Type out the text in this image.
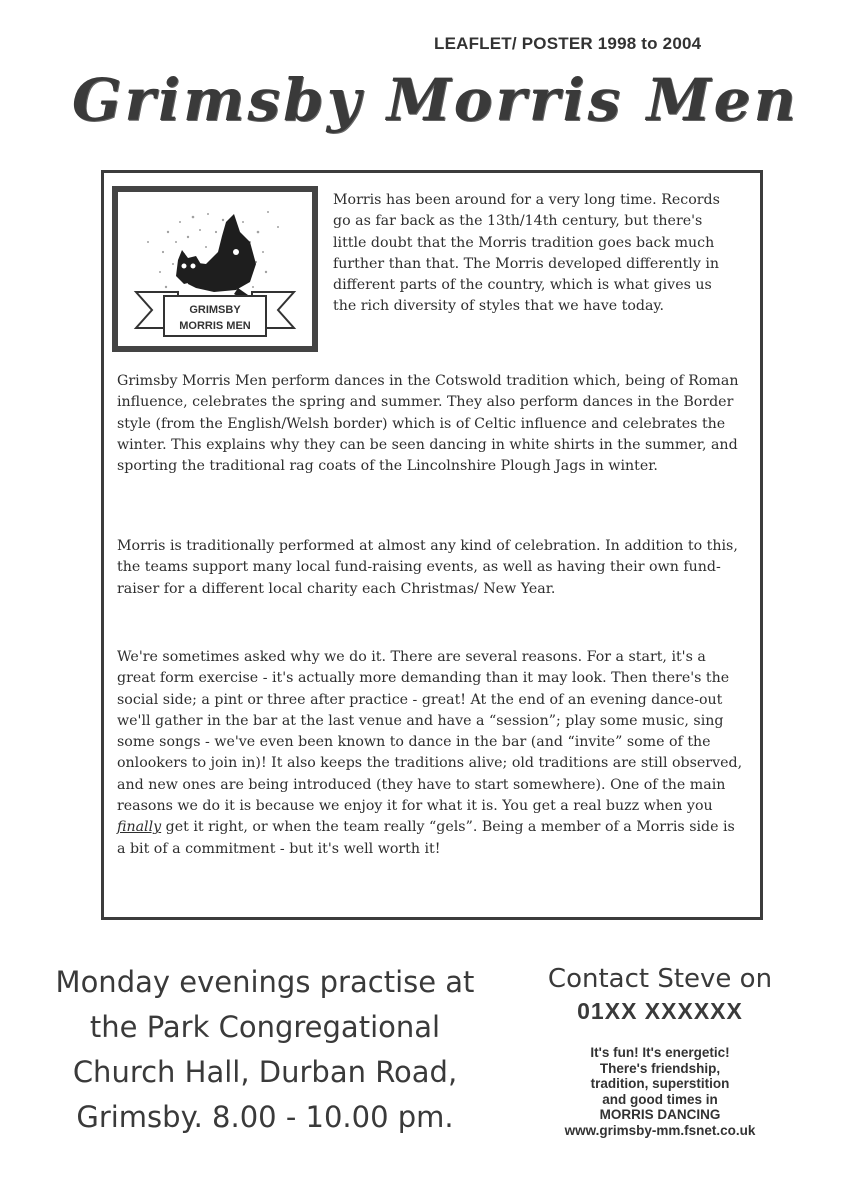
LEAFLET/ POSTER 1998 to 2004
Grimsby Morris Men
GRIMSBY
MORRIS MEN

Morris has been around for a very long time. Records go as far back as the 13th/14th century, but there's little doubt that the Morris tradition goes back much further than that. The Morris developed differently in different parts of the country, which is what gives us the rich diversity of styles that we have today.

Grimsby Morris Men perform dances in the Cotswold tradition which, being of Roman influence, celebrates the spring and summer. They also perform dances in the Border style (from the English/Welsh border) which is of Celtic influence and celebrates the winter. This explains why they can be seen dancing in white shirts in the summer, and sporting the traditional rag coats of the Lincolnshire Plough Jags in winter.

Morris is traditionally performed at almost any kind of celebration. In addition to this, the teams support many local fund-raising events, as well as having their own fund-raiser for a different local charity each Christmas/ New Year.

We're sometimes asked why we do it. There are several reasons. For a start, it's a great form exercise - it's actually more demanding than it may look. Then there's the social side; a pint or three after practice - great! At the end of an evening dance-out we'll gather in the bar at the last venue and have a “session”; play some music, sing some songs - we've even been known to dance in the bar (and “invite” some of the onlookers to join in)! It also keeps the traditions alive; old traditions are still observed, and new ones are being introduced (they have to start somewhere). One of the main reasons we do it is because we enjoy it for what it is. You get a real buzz when you finally get it right, or when the team really “gels”. Being a member of a Morris side is a bit of a commitment - but it's well worth it!

Monday evenings practise at
the Park Congregational
Church Hall, Durban Road,
Grimsby. 8.00 - 10.00 pm.
Contact Steve on
01XX XXXXXX
It's fun! It's energetic!
There's friendship,
tradition, superstition
and good times in
MORRIS DANCING
www.grimsby-mm.fsnet.co.uk
